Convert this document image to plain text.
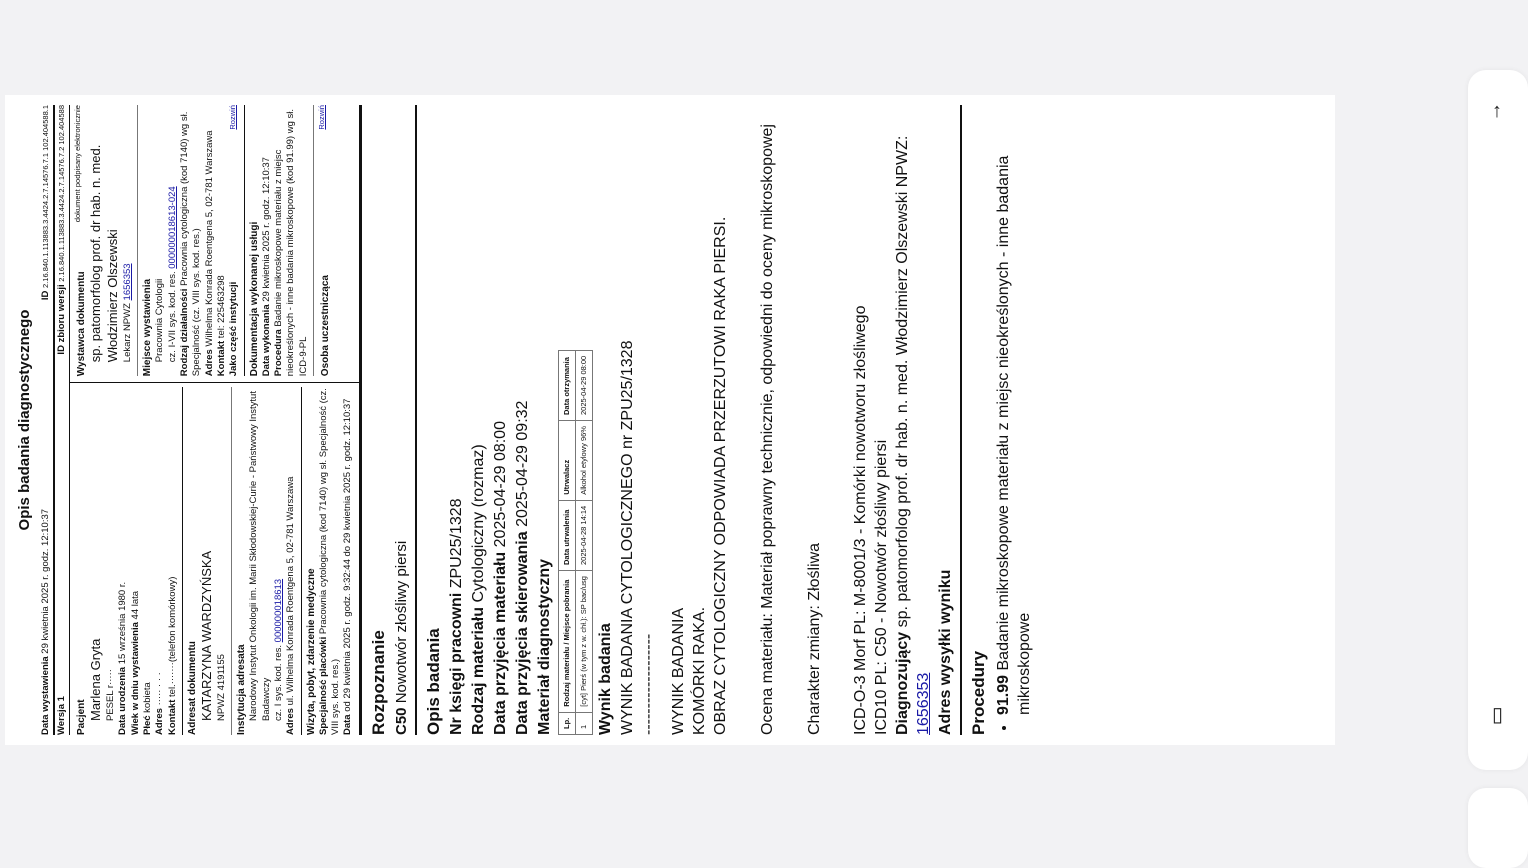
↑
▯
Opis badania diagnostycznego
Data wystawienia 29 kwietnia 2025 r. godz. 12:10:37
ID 2.16.840.1.113883.3.4424.2.7.14576.7.1 102.404588.1
Wersja 1
ID zbioru wersji 2.16.840.1.113883.3.4424.2.7.14576.7.2 102.404588
Pacjent Marlena Gryta PESEL r····· Data urodzenia 15 września 1980 r. Wiek w dniu wystawienia 44 lata
Płeć kobieta
Adres ····· · · ·
Kontakt tel.·······(telefon komórkowy) Adresat dokumentu KATARZYNA WARDZYŃSKA NPWZ 4191155 Instytucja adresata Narodowy Instytut Onkologii im. Marii Skłodowskiej-Curie - Państwowy Instytut Badawczy cz. I sys. kod. res. 000000018613
Adres ul. Wilhelma Konrada Roentgena 5, 02-781 Warszawa Wizyta, pobyt, zdarzenie medyczne Specjalność placówki Pracownia cytologiczna (kod 7140) wg sł. Specjalność (cz. VIII sys. kod. res.) Data od 29 kwietnia 2025 r. godz. 9:32:44 do 29 kwietnia 2025 r. godz. 12:10:37
Wystawca dokumentu
dokument podpisany elektronicznie sp. patomorfolog prof. dr hab. n. med. Włodzimierz Olszewski Lekarz NPWZ 1656353 Miejsce wystawienia Pracownia Cytologii cz. I-VII sys. kod. res. 000000018613-024
Rodzaj działalności Pracownia cytologiczna (kod 7140) wg sł. Specjalność (cz. VIII sys. kod. res.) Adres Wilhelma Konrada Roentgena 5, 02-781 Warszawa
Kontakt tel: 225463298 Jako część instytucji
Rozwiń
Dokumentacja wykonanej usługi Data wykonania 29 kwietnia 2025 r. godz. 12:10:37
Procedura Badanie mikroskopowe materiału z miejsc nieokreślonych - inne badania mikroskopowe (kod 91.99) wg sł. ICD-9-PL Osoba uczestnicząca
Rozwiń
Rozpoznanie C50 Nowotwór złośliwy piersi Opis badania Nr księgi pracowni ZPU25/1328
Rodzaj materiału Cytologiczny (rozmaz)
Data przyjęcia materiału 2025-04-29 08:00
Data przyjęcia skierowania 2025-04-29 09:32
Materiał diagnostyczny	Lp.	Rodzaj materiału / Miejsce pobrania	Data utrwalenia	Utrwalacz	Data otrzymania
1	[cyt] Pierś (w tym z w. chł.): SP bac/usg	2025-04-28 14:14	Alkohol etylowy 96%	2025-04-29 08:00
Wynik badania WYNIK BADANIA CYTOLOGICZNEGO nr ZPU25/1328 ------------------- WYNIK BADANIA KOMÓRKI RAKA. OBRAZ CYTOLOGICZNY ODPOWIADA PRZERZUTOWI RAKA PIERSI. Ocena materiału: Materiał poprawny technicznie, odpowiedni do oceny mikroskopowej Charakter zmiany: Złośliwa ICD-O-3 Morf PL: M-8001/3 - Komórki nowotworu złośliwego ICD10 PL: C50 - Nowotwór złośliwy piersi Diagnozujący sp. patomorfolog prof. dr hab. n. med. Włodzimierz Olszewski NPWZ: 1656353 Adres wysyłki wyniku Procedury • 91.99 Badanie mikroskopowe materiału z miejsc nieokreślonych - inne badania mikroskopowe
